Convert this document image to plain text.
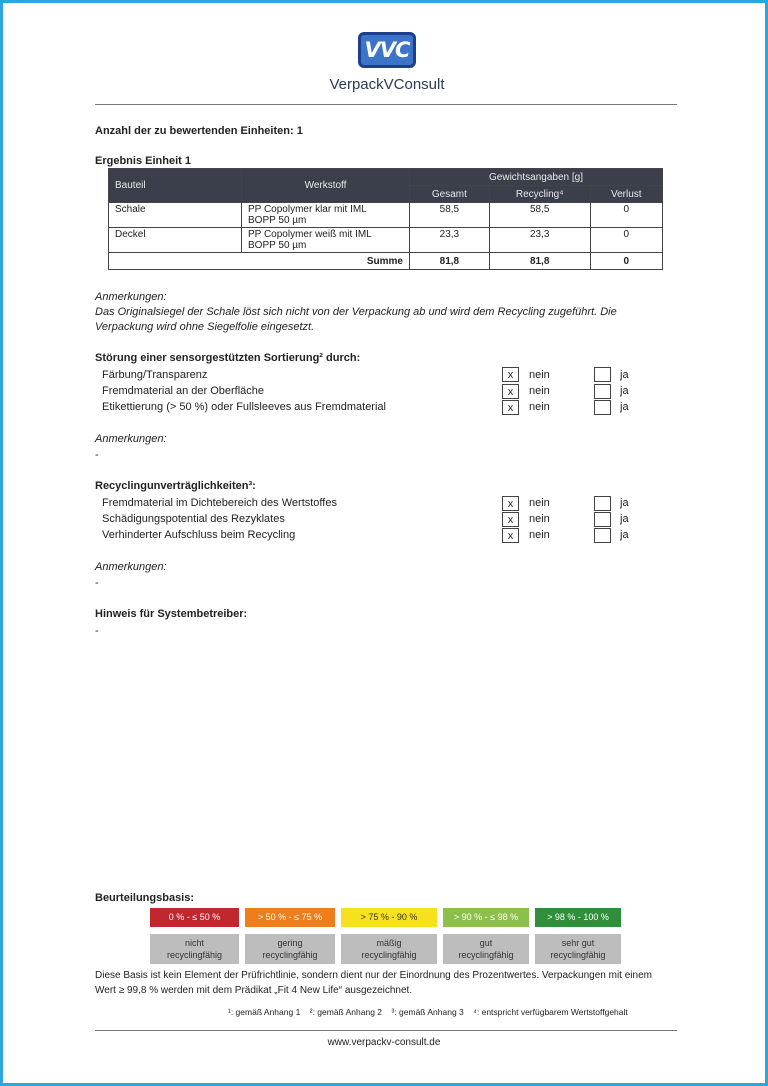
VVC
VerpackVConsult
Anzahl der zu bewertenden Einheiten: 1
Ergebnis Einheit 1
Bauteil	Werkstoff	Gewichtsangaben [g]		
		Gesamt	Recycling⁴	Verlust
Schale	PP Copolymer klar mit IML
BOPP 50 µm	58,5	58,5	0
Deckel	PP Copolymer weiß mit IML
BOPP 50 µm	23,3	23,3	0
Summe		81,8	81,8	0
Anmerkungen:
Das Originalsiegel der Schale löst sich nicht von der Verpackung ab und wird dem Recycling zugeführt. Die
Verpackung wird ohne Siegelfolie eingesetzt.
Störung einer sensorgestützten Sortierung² durch:
Färbung/Transparenz	x	nein	ja
Fremdmaterial an der Oberfläche	x	nein	ja
Etikettierung (> 50 %) oder Fullsleeves aus Fremdmaterial	x	nein	ja
Anmerkungen:
-
Recyclingunverträglichkeiten³:
Fremdmaterial im Dichtebereich des Wertstoffes	x	nein	ja
Schädigungspotential des Rezyklates	x	nein	ja
Verhinderter Aufschluss beim Recycling	x	nein	ja
Anmerkungen:
-
Hinweis für Systembetreiber:
-
Beurteilungsbasis:
0 % - ≤ 50 %	> 50 % - ≤ 75 %	> 75 % - 90 %	> 90 % - ≤ 98 %	> 98 % - 100 %
nicht
recyclingfähig
gering
recyclingfähig
mäßig
recyclingfähig
gut
recyclingfähig
sehr gut
recyclingfähig
Diese Basis ist kein Element der Prüfrichtlinie, sondern dient nur der Einordnung des Prozentwertes. Verpackungen mit einem
Wert ≥ 99,8 % werden mit dem Prädikat „Fit 4 New Life“ ausgezeichnet.
¹: gemäß Anhang 1    ²: gemäß Anhang 2    ³: gemäß Anhang 3    ⁴: entspricht verfügbarem Wertstoffgehalt
www.verpackv-consult.de
